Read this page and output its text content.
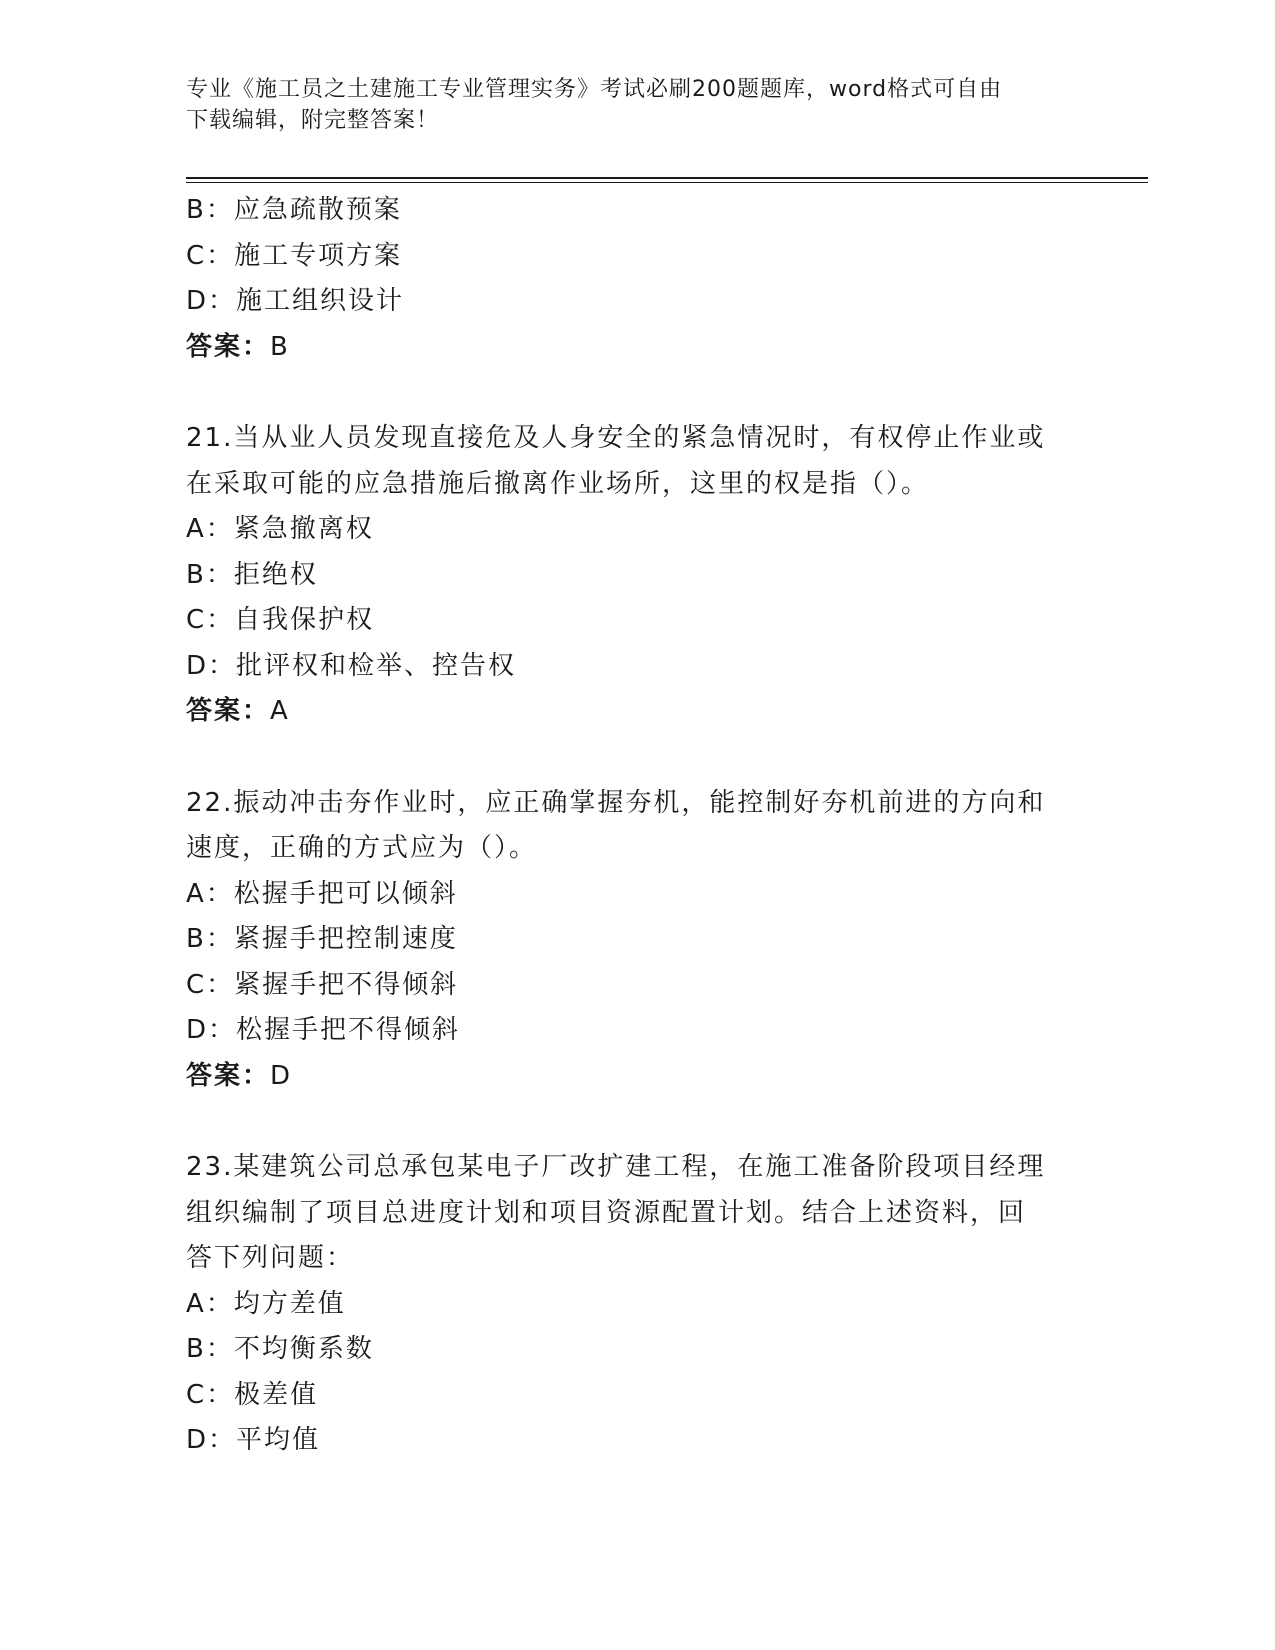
专业《施工员之土建施工专业管理实务》考试必刷200题题库，word格式可自由
下载编辑，附完整答案！
B：应急疏散预案
C：施工专项方案
D：施工组织设计
答案：B
21.当从业人员发现直接危及人身安全的紧急情况时，有权停止作业或
在采取可能的应急措施后撤离作业场所，这里的权是指（）。
A：紧急撤离权
B：拒绝权
C：自我保护权
D：批评权和检举、控告权
答案：A
22.振动冲击夯作业时，应正确掌握夯机，能控制好夯机前进的方向和
速度，正确的方式应为（）。
A：松握手把可以倾斜
B：紧握手把控制速度
C：紧握手把不得倾斜
D：松握手把不得倾斜
答案：D
23.某建筑公司总承包某电子厂改扩建工程，在施工准备阶段项目经理
组织编制了项目总进度计划和项目资源配置计划。结合上述资料，回
答下列问题：
A：均方差值
B：不均衡系数
C：极差值
D：平均值
